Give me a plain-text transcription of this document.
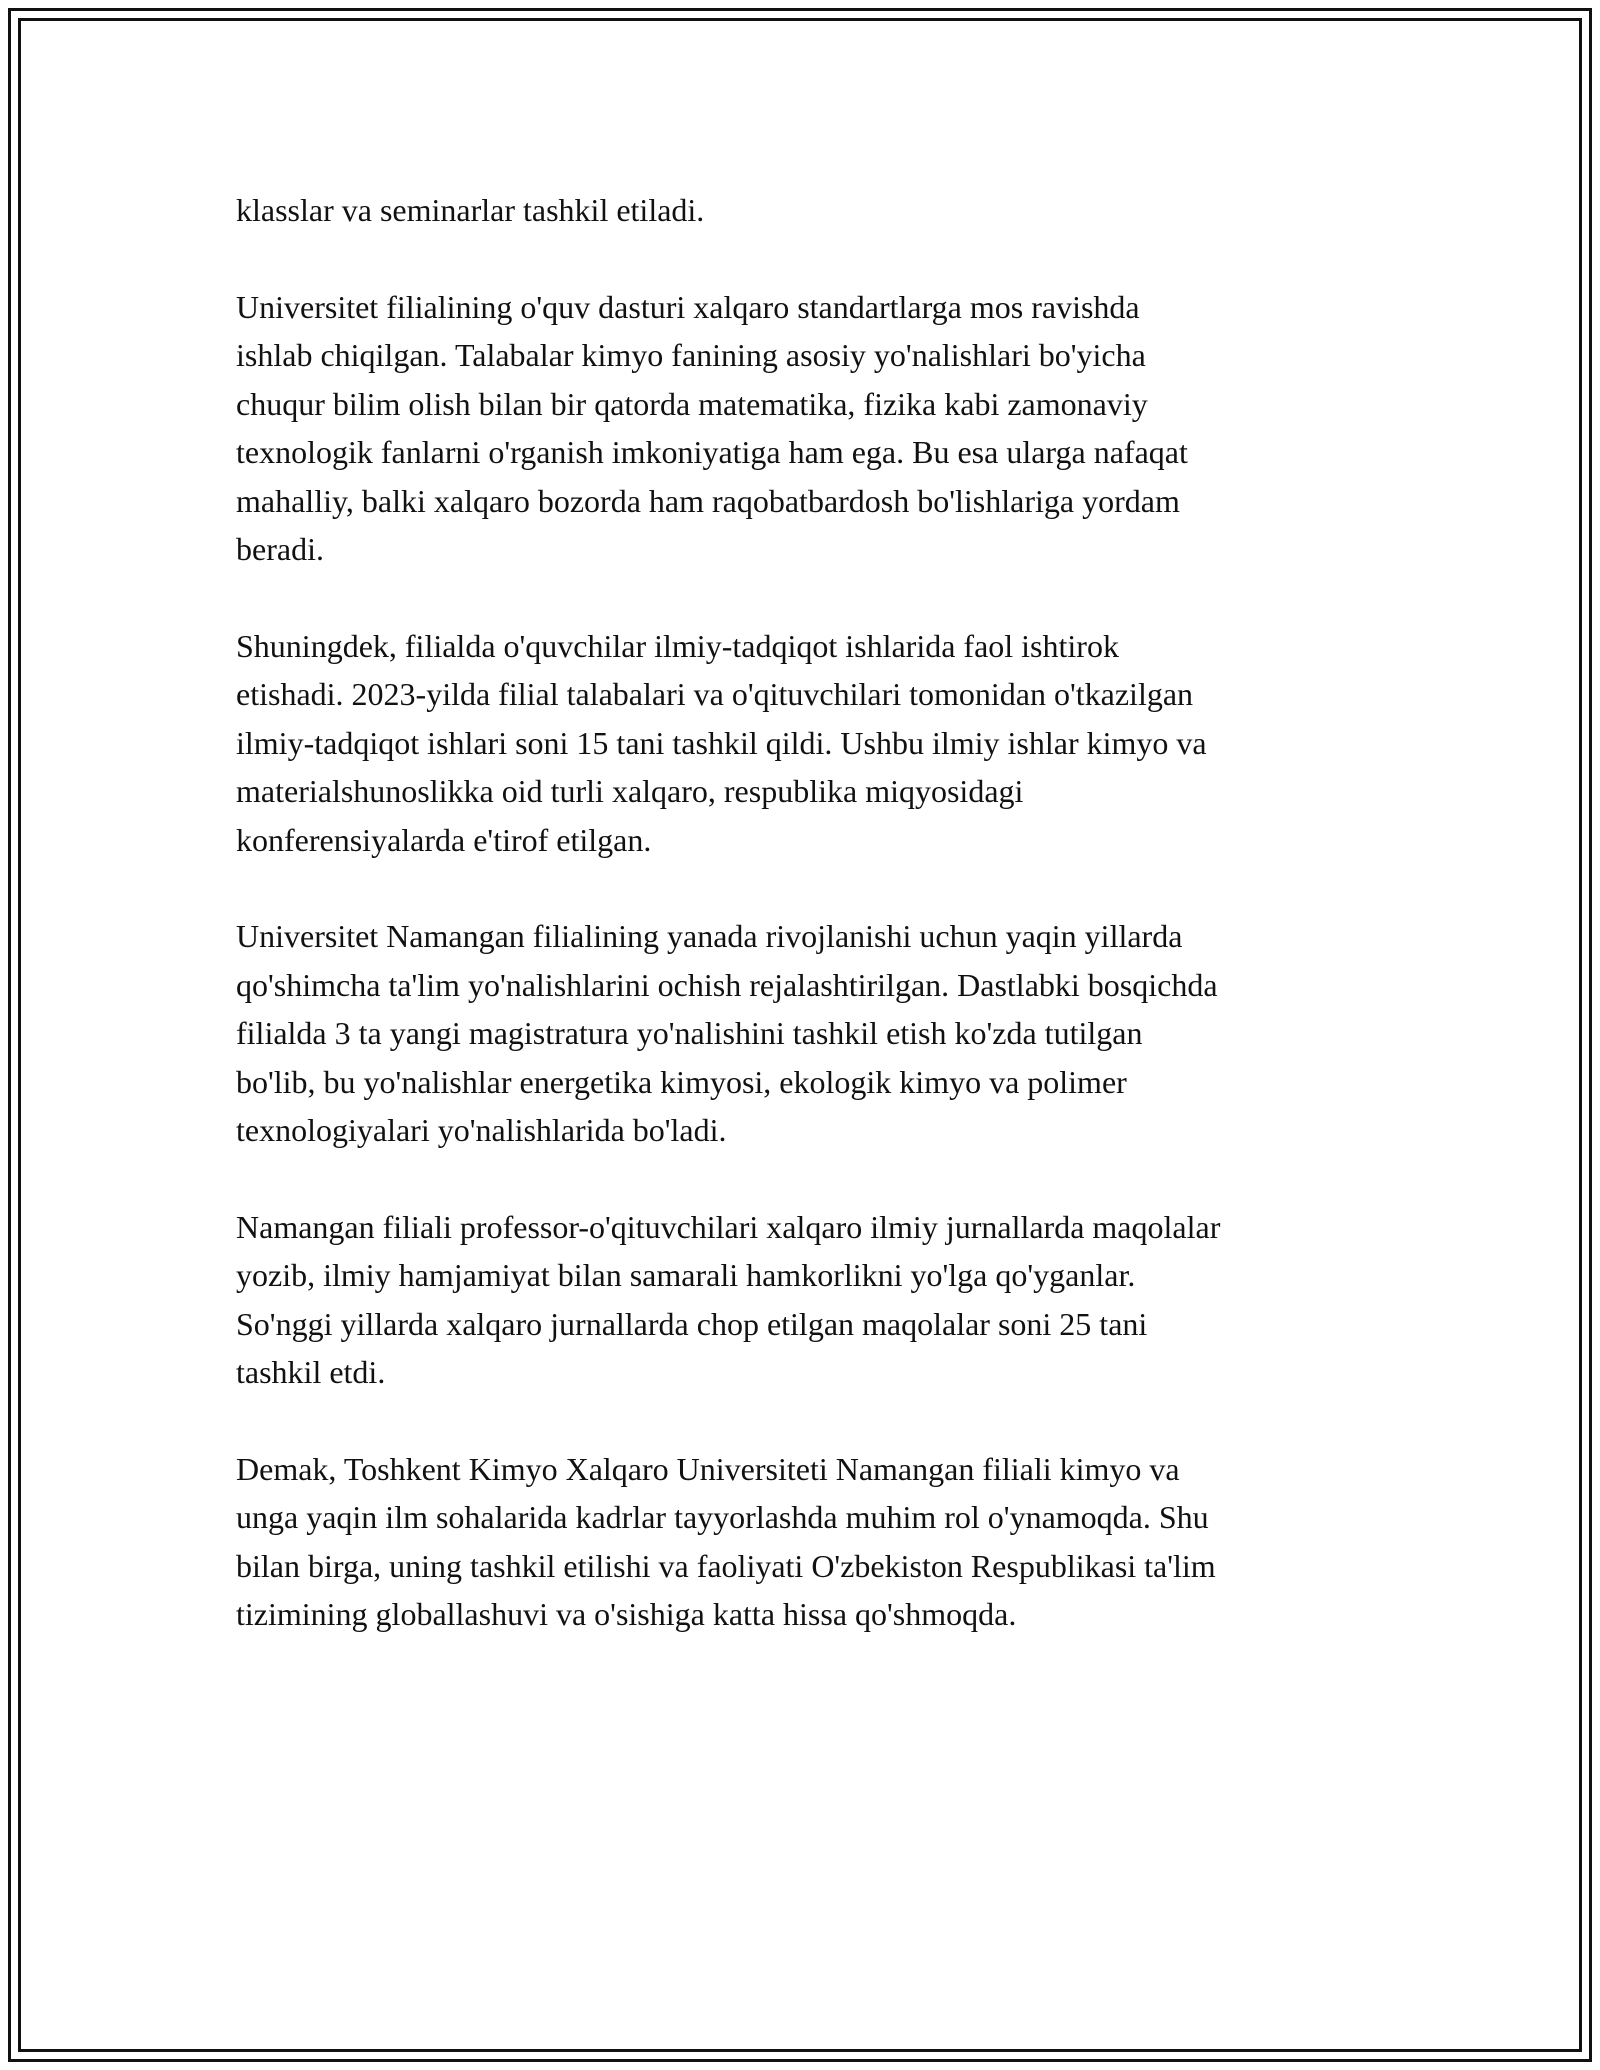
klasslar va seminarlar tashkil etiladi.

Universitet filialining o'quv dasturi xalqaro standartlarga mos ravishda
ishlab chiqilgan. Talabalar kimyo fanining asosiy yo'nalishlari bo'yicha
chuqur bilim olish bilan bir qatorda matematika, fizika kabi zamonaviy
texnologik fanlarni o'rganish imkoniyatiga ham ega. Bu esa ularga nafaqat
mahalliy, balki xalqaro bozorda ham raqobatbardosh bo'lishlariga yordam
beradi.

Shuningdek, filialda o'quvchilar ilmiy-tadqiqot ishlarida faol ishtirok
etishadi. 2023-yilda filial talabalari va o'qituvchilari tomonidan o'tkazilgan
ilmiy-tadqiqot ishlari soni 15 tani tashkil qildi. Ushbu ilmiy ishlar kimyo va
materialshunoslikka oid turli xalqaro, respublika miqyosidagi
konferensiyalarda e'tirof etilgan.

Universitet Namangan filialining yanada rivojlanishi uchun yaqin yillarda
qo'shimcha ta'lim yo'nalishlarini ochish rejalashtirilgan. Dastlabki bosqichda
filialda 3 ta yangi magistratura yo'nalishini tashkil etish ko'zda tutilgan
bo'lib, bu yo'nalishlar energetika kimyosi, ekologik kimyo va polimer
texnologiyalari yo'nalishlarida bo'ladi.

Namangan filiali professor-o'qituvchilari xalqaro ilmiy jurnallarda maqolalar
yozib, ilmiy hamjamiyat bilan samarali hamkorlikni yo'lga qo'yganlar.
So'nggi yillarda xalqaro jurnallarda chop etilgan maqolalar soni 25 tani
tashkil etdi.

Demak, Toshkent Kimyo Xalqaro Universiteti Namangan filiali kimyo va
unga yaqin ilm sohalarida kadrlar tayyorlashda muhim rol o'ynamoqda. Shu
bilan birga, uning tashkil etilishi va faoliyati O'zbekiston Respublikasi ta'lim
tizimining globallashuvi va o'sishiga katta hissa qo'shmoqda.
